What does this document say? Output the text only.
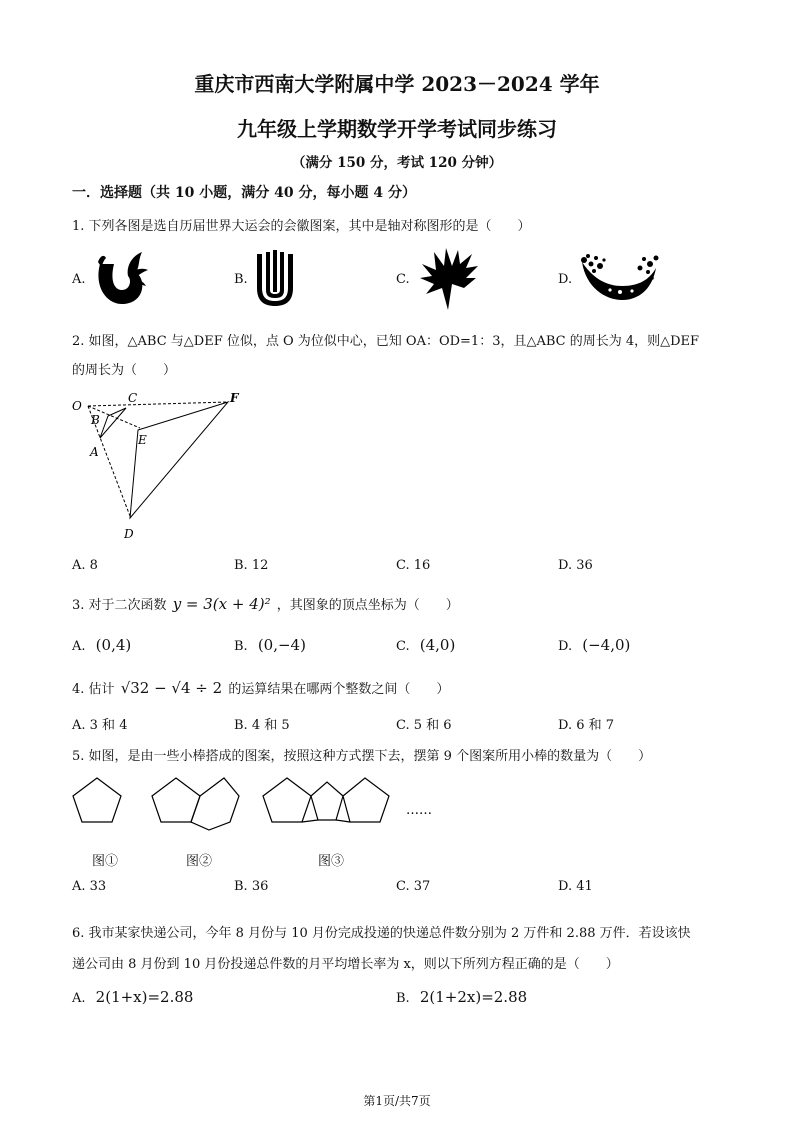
重庆市西南大学附属中学 2023－2024 学年
九年级上学期数学开学考试同步练习
（满分 150 分，考试 120 分钟）
一．选择题（共 10 小题，满分 40 分，每小题 4 分）
1. 下列各图是选自历届世界大运会的会徽图案，其中是轴对称图形的是（　　）
A.	B.	C.	D.
2. 如图，△ABC 与△DEF 位似，点 O 为位似中心，已知 OA：OD=1：3，且△ABC 的周长为 4，则△DEF
的周长为（　　）
O
C	F
B
E
A
D
A. 8	B. 12	C. 16	D. 36
3. 对于二次函数 y = 3(x + 4)² ，其图象的顶点坐标为（　　）
A. (0,4)	B. (0,−4)	C. (4,0)	D. (−4,0)
4. 估计 √32 − √4 ÷ 2 的运算结果在哪两个整数之间（　　）
A. 3 和 4	B. 4 和 5	C. 5 和 6	D. 6 和 7
5. 如图，是由一些小棒搭成的图案，按照这种方式摆下去，摆第 9 个图案所用小棒的数量为（　　）
……
图①	图②	图③
A. 33	B. 36	C. 37	D. 41
6. 我市某家快递公司，今年 8 月份与 10 月份完成投递的快递总件数分别为 2 万件和 2.88 万件．若设该快
递公司由 8 月份到 10 月份投递总件数的月平均增长率为 x，则以下所列方程正确的是（　　）
A. 2(1+x)=2.88	B. 2(1+2x)=2.88
第1页/共7页
